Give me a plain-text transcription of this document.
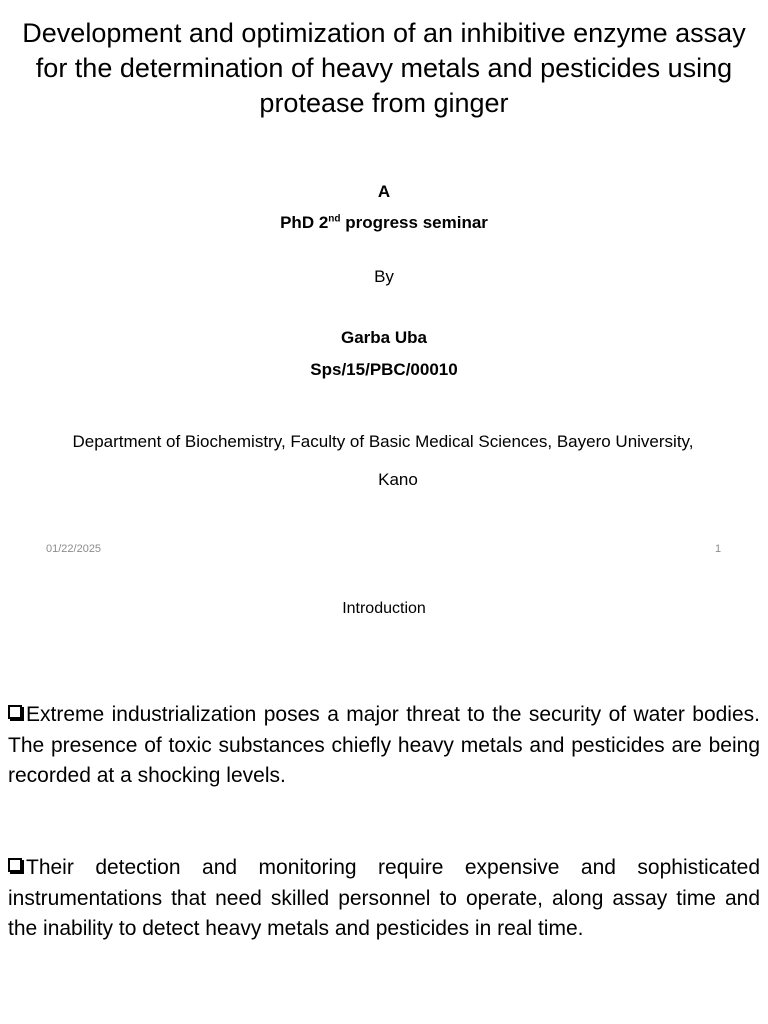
Development and optimization of an inhibitive enzyme assay for the determination of heavy metals and pesticides using protease from ginger
A
PhD 2nd progress seminar
By
Garba Uba
Sps/15/PBC/00010
Department of Biochemistry, Faculty of Basic Medical Sciences, Bayero University,
Kano
01/22/2025	1
Introduction
Extreme industrialization poses a major threat to the security of water bodies. The presence of toxic substances chiefly heavy metals and pesticides are being recorded at a shocking levels.
Their detection and monitoring require expensive and sophisticated instrumentations that need skilled personnel to operate, along assay time and the inability to detect heavy metals and pesticides in real time.
